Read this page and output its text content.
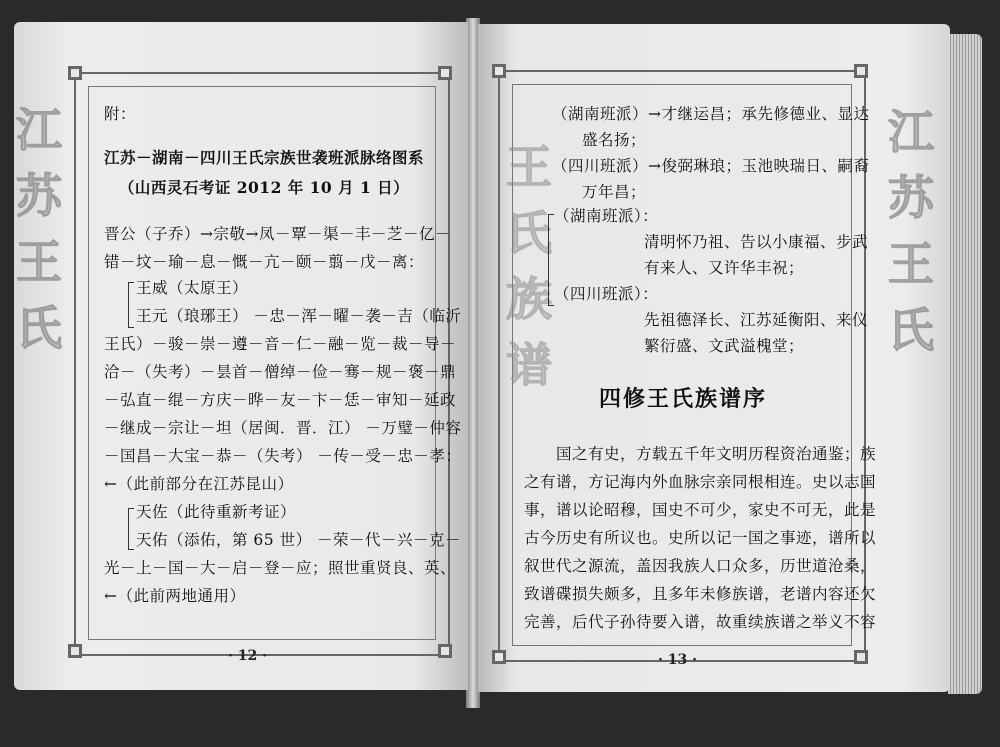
江
苏
王
氏
附：
江苏－湖南－四川王氏宗族世袭班派脉络图系
（山西灵石考证 2012 年 10 月 1 日）
晋公（子乔）→宗敬→凤－覃－渠－丰－芝－亿－
错－坟－瑜－息－慨－亢－颐－翦－戊－离：
王威（太原王）
王元（琅琊王） －忠－浑－曜－袭－吉（临沂
王氏）－骏－崇－遵－音－仁－融－览－裁－导－
洽－（失考）－昙首－僧绰－俭－骞－规－褒－鼎
－弘直－绲－方庆－晔－友－卞－恁－审知－延政
－继成－宗让－坦（居闽．晋．江） －万璧－仲容
－国昌－大宝－恭－（失考） －传－受－忠－孝：
←（此前部分在江苏昆山）
天佐（此待重新考证）
天佑（添佑，第 65 世） －荣－代－兴－克－
光－上－国－大－启－登－应；照世重贤良、英、
←（此前两地通用）
· 12 ·
王
氏
族
谱
江
苏
王
氏
（湖南班派）→才继运昌；承先修德业、显达
盛名扬；
（四川班派）→俊弼琳琅；玉池映瑞日、嗣裔
万年昌；
（湖南班派）：
清明怀乃祖、告以小康福、步武
有来人、又许华丰祝；
（四川班派）：
先祖德泽长、江苏延衡阳、来仪
繁衍盛、文武溢槐堂；
四修王氏族谱序
国之有史，方载五千年文明历程资治通鉴；族
之有谱，方记海内外血脉宗亲同根相连。史以志国
事，谱以论昭穆，国史不可少，家史不可无，此是
古今历史有所议也。史所以记一国之事迹，谱所以
叙世代之源流，盖因我族人口众多，历世道沧桑，
致谱碟损失颇多，且多年未修族谱，老谱内容还欠
完善，后代子孙待要入谱，故重续族谱之举义不容
· 13 ·
